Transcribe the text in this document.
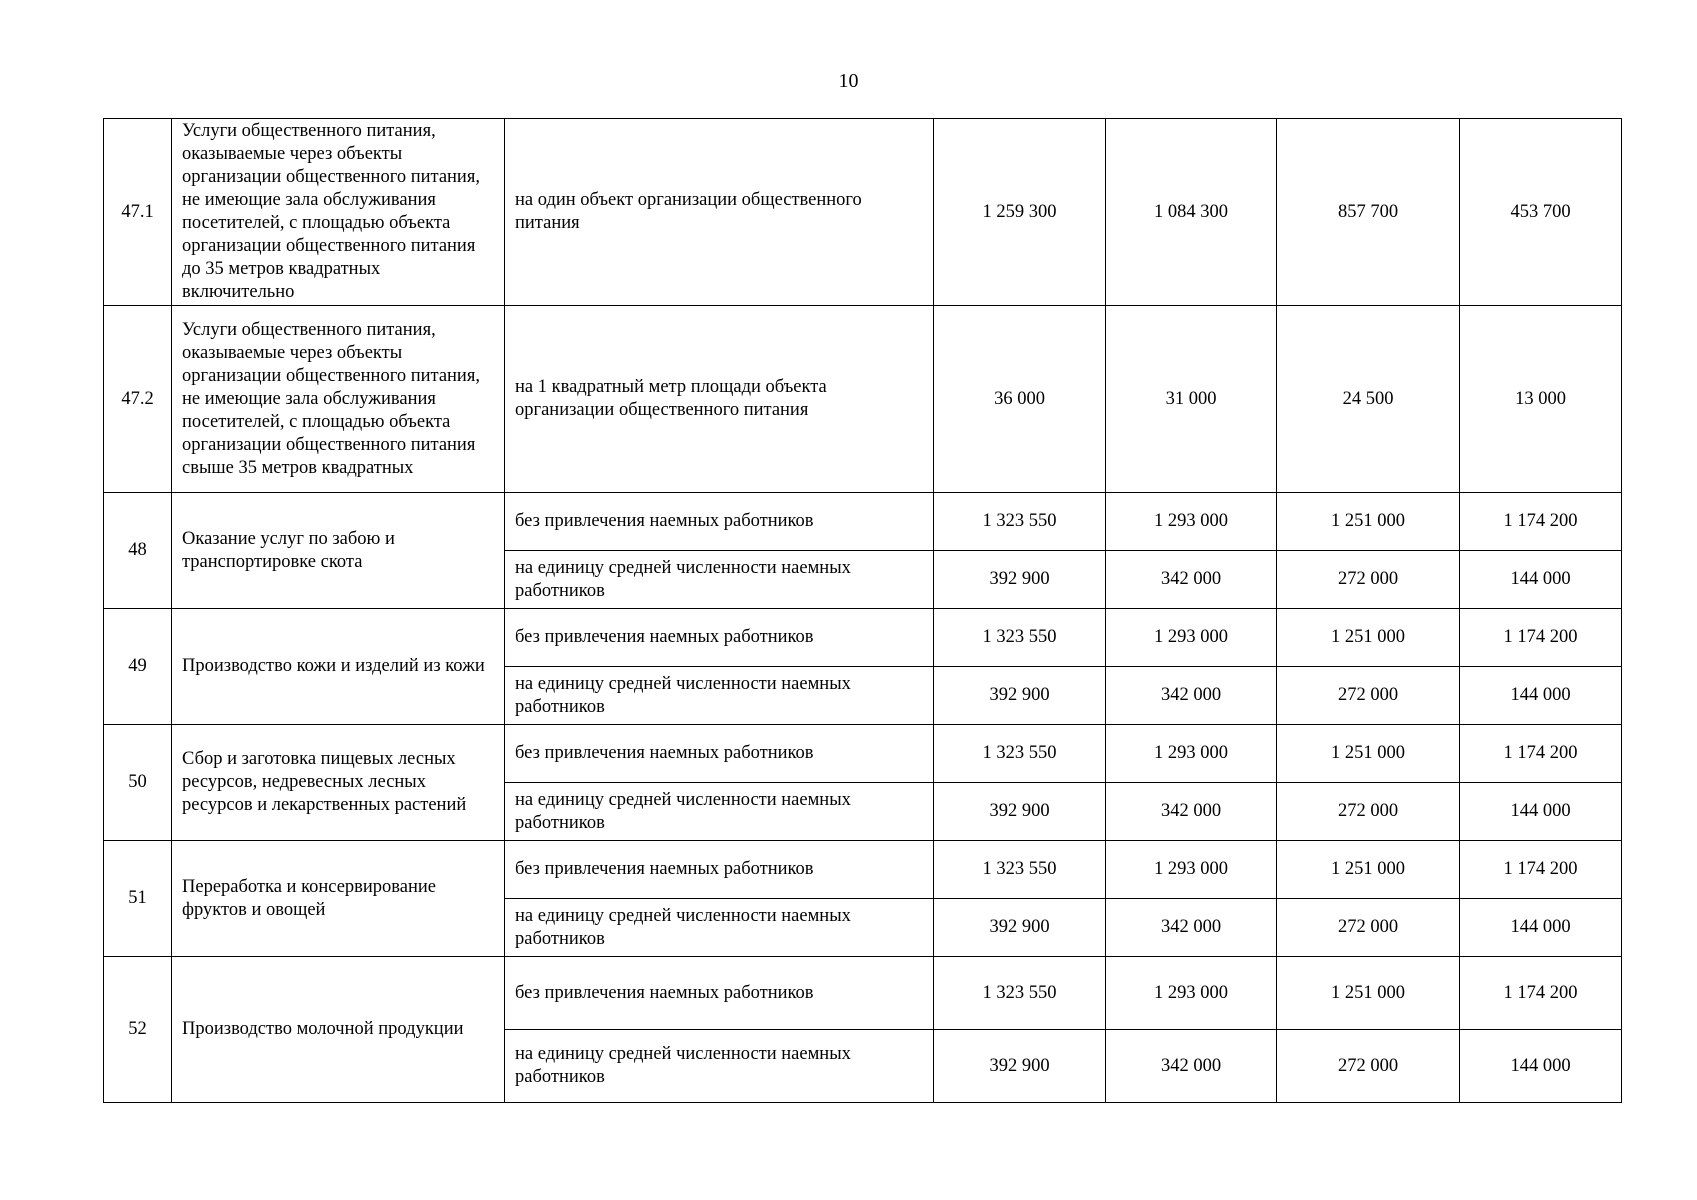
10
47.1	Услуги общественного питания, оказываемые через объекты организации общественного питания, не имеющие зала обслуживания посетителей, с площадью объекта организации общественного питания до 35 метров квадратных включительно	на один объект организации общественного питания	1 259 300	1 084 300	857 700	453 700
47.2	Услуги общественного питания, оказываемые через объекты организации общественного питания, не имеющие зала обслуживания посетителей, с площадью объекта организации общественного питания свыше 35 метров квадратных	на 1 квадратный метр площади объекта организации общественного питания	36 000	31 000	24 500	13 000
48	Оказание услуг по забою и транспортировке скота	без привлечения наемных работников	1 323 550	1 293 000	1 251 000	1 174 200
		на единицу средней численности наемных работников	392 900	342 000	272 000	144 000
49	Производство кожи и изделий из кожи	без привлечения наемных работников	1 323 550	1 293 000	1 251 000	1 174 200
		на единицу средней численности наемных работников	392 900	342 000	272 000	144 000
50	Сбор и заготовка пищевых лесных ресурсов, недревесных лесных ресурсов и лекарственных растений	без привлечения наемных работников	1 323 550	1 293 000	1 251 000	1 174 200
		на единицу средней численности наемных работников	392 900	342 000	272 000	144 000
51	Переработка и консервирование фруктов и овощей	без привлечения наемных работников	1 323 550	1 293 000	1 251 000	1 174 200
		на единицу средней численности наемных работников	392 900	342 000	272 000	144 000
52	Производство молочной продукции	без привлечения наемных работников	1 323 550	1 293 000	1 251 000	1 174 200
		на единицу средней численности наемных работников	392 900	342 000	272 000	144 000
